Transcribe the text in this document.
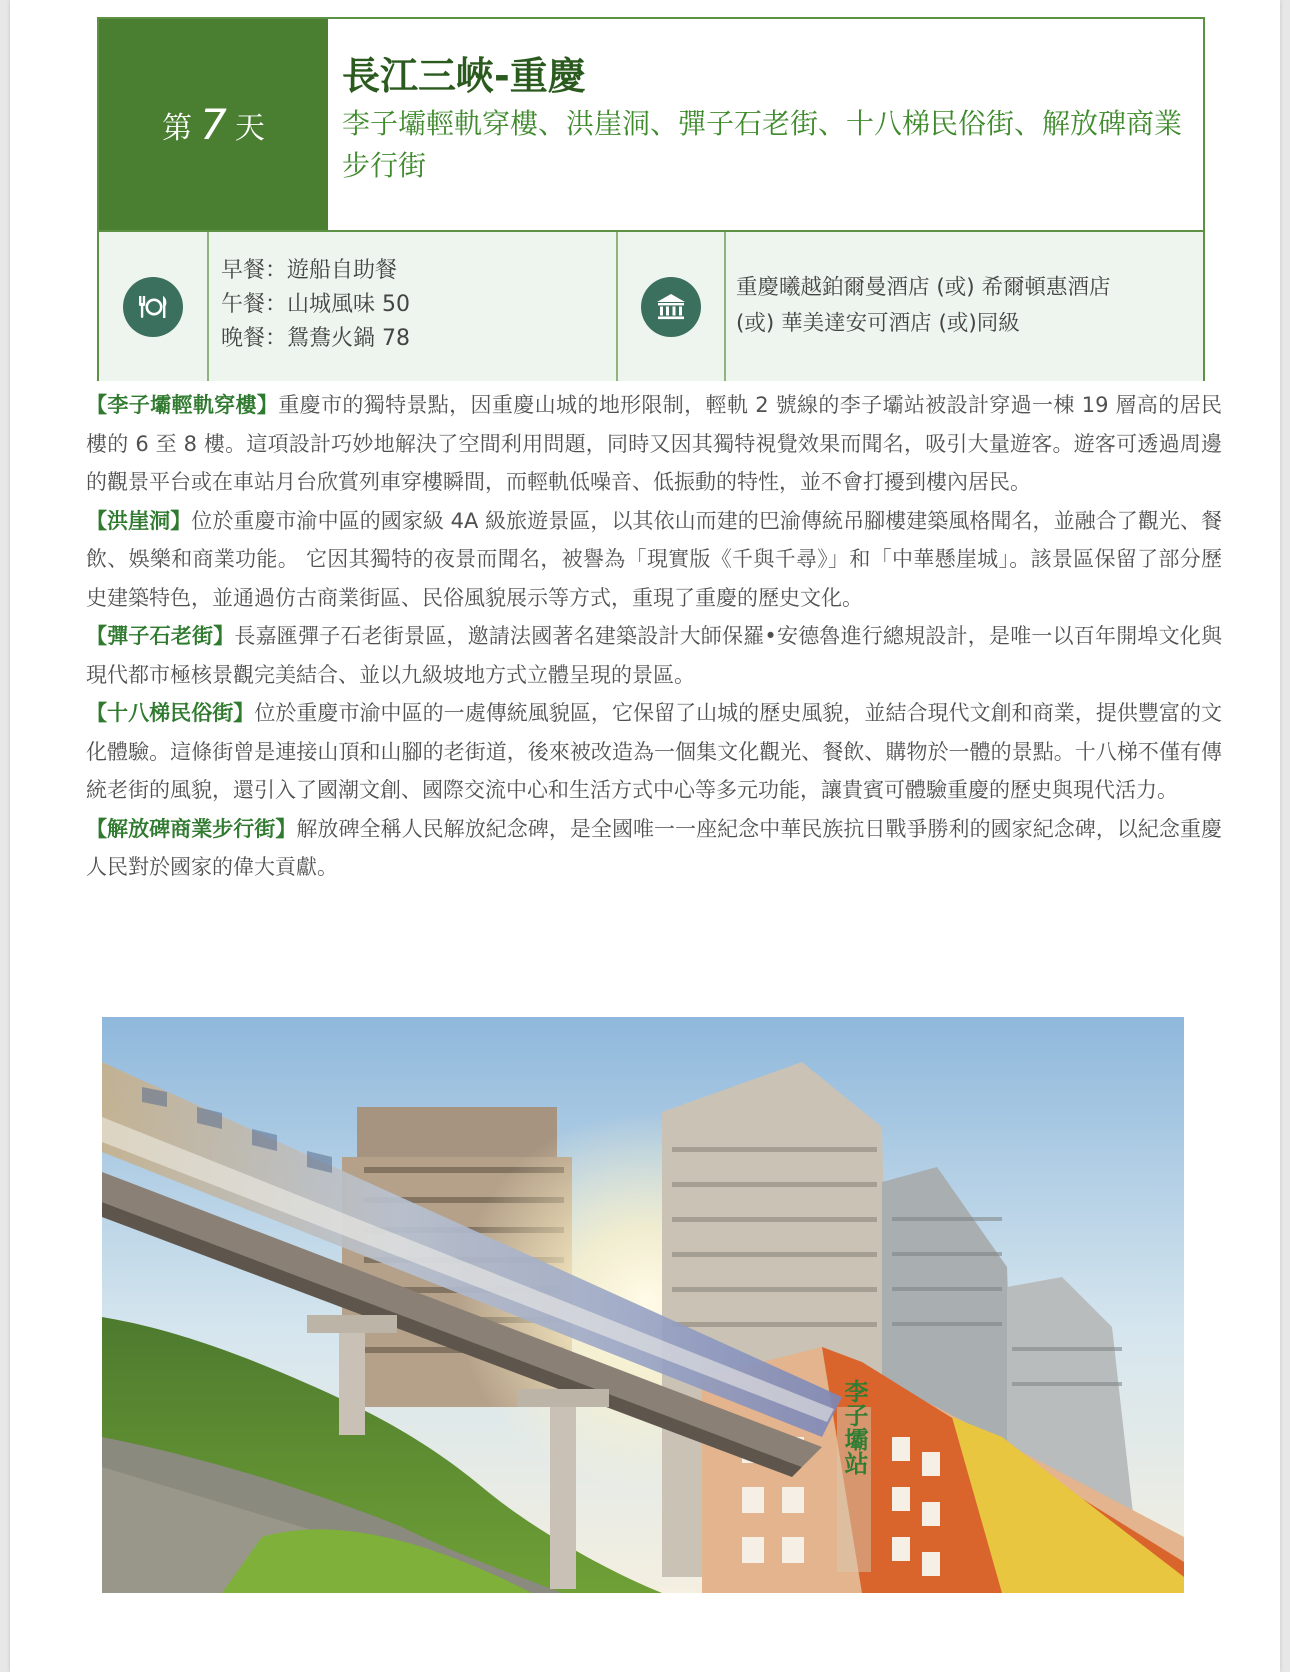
第 7 天
長江三峽-重慶
李子壩輕軌穿樓、洪崖洞、彈子石老街、十八梯民俗街、解放碑商業步行街
早餐：遊船自助餐
午餐：山城風味 50
晚餐：鴛鴦火鍋 78
重慶曦越鉑爾曼酒店 (或) 希爾頓惠酒店
(或) 華美達安可酒店 (或)同級

【李子壩輕軌穿樓】重慶市的獨特景點，因重慶山城的地形限制，輕軌 2 號線的李子壩站被設計穿過一棟 19 層高的居民樓的 6 至 8 樓。這項設計巧妙地解決了空間利用問題，同時又因其獨特視覺效果而聞名，吸引大量遊客。遊客可透過周邊的觀景平台或在車站月台欣賞列車穿樓瞬間，而輕軌低噪音、低振動的特性，並不會打擾到樓內居民。

【洪崖洞】位於重慶市渝中區的國家級 4A 級旅遊景區，以其依山而建的巴渝傳統吊腳樓建築風格聞名，並融合了觀光、餐飲、娛樂和商業功能。 它因其獨特的夜景而聞名，被譽為「現實版《千與千尋》」和「中華懸崖城」。該景區保留了部分歷史建築特色，並通過仿古商業街區、民俗風貌展示等方式，重現了重慶的歷史文化。

【彈子石老街】長嘉匯彈子石老街景區，邀請法國著名建築設計大師保羅•安德魯進行總規設計，是唯一以百年開埠文化與現代都市極核景觀完美結合、並以九級坡地方式立體呈現的景區。

【十八梯民俗街】位於重慶市渝中區的一處傳統風貌區，它保留了山城的歷史風貌，並結合現代文創和商業，提供豐富的文化體驗。這條街曾是連接山頂和山腳的老街道，後來被改造為一個集文化觀光、餐飲、購物於一體的景點。十八梯不僅有傳統老街的風貌，還引入了國潮文創、國際交流中心和生活方式中心等多元功能，讓貴賓可體驗重慶的歷史與現代活力。

【解放碑商業步行街】解放碑全稱人民解放紀念碑，是全國唯一一座紀念中華民族抗日戰爭勝利的國家紀念碑，以紀念重慶人民對於國家的偉大貢獻。

李子壩站
